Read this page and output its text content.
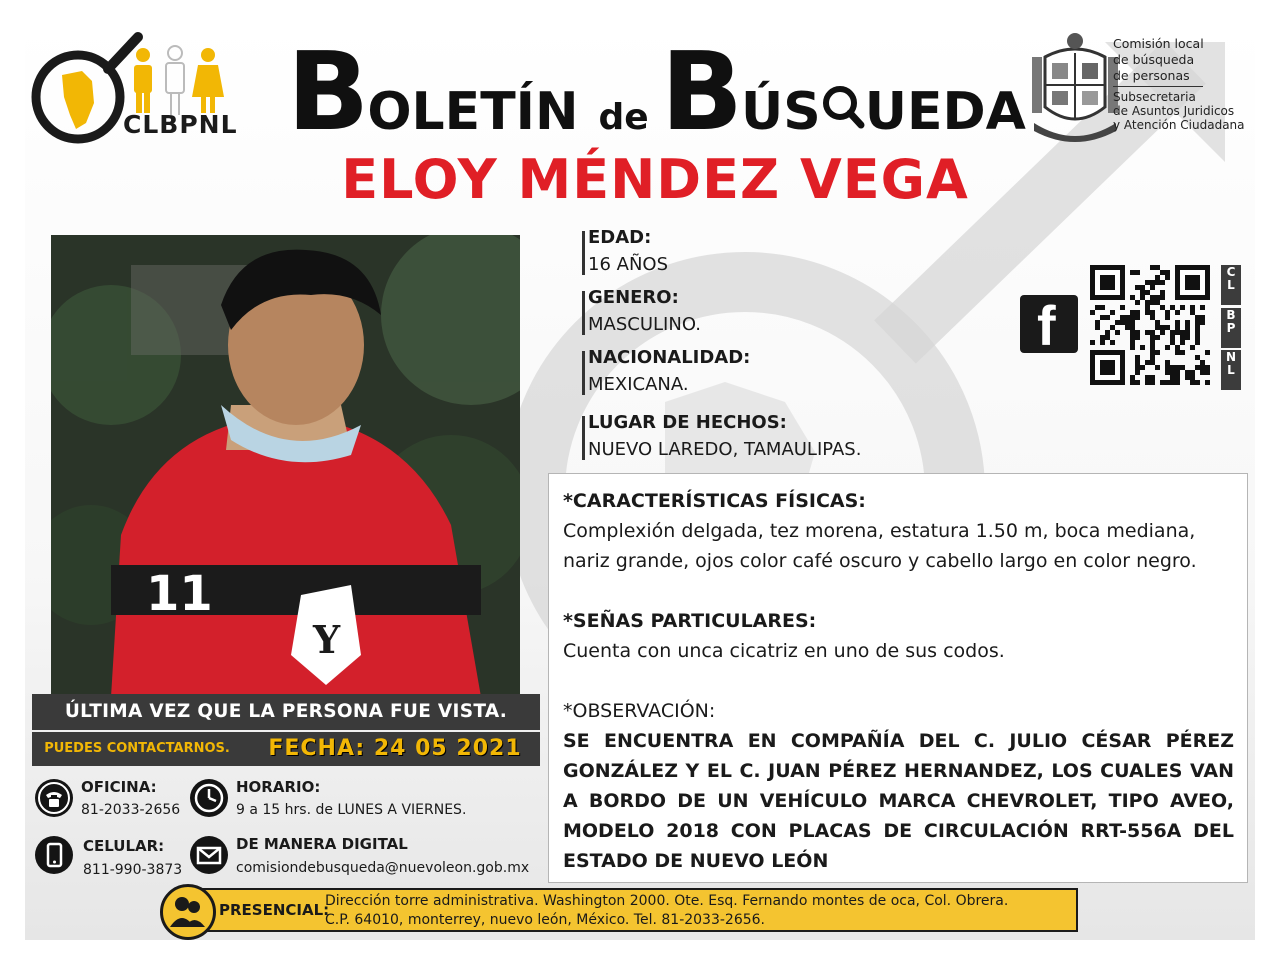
CLBPNL BOLETÍN de BÚS UEDA
ELOY MÉNDEZ VEGA
Comisión local
de búsqueda
de personas
Subsecretaria
de Asuntos Juridicos
y Atención Ciudadana
Y
11
ÚLTIMA VEZ QUE LA PERSONA FUE VISTA.
PUEDES CONTACTARNOS.	FECHA: 24 05 2021
OFICINA:
81-2033-2656
HORARIO:
9 a 15 hrs. de LUNES A VIERNES.
CELULAR:
811-990-3873
DE MANERA DIGITAL
comisiondebusqueda@nuevoleon.gob.mx
EDAD:
16 AÑOS
GENERO:
MASCULINO.
NACIONALIDAD:
MEXICANA.
LUGAR DE HECHOS:
NUEVO LAREDO, TAMAULIPAS.
f
C
L
B
P
N
L
*CARACTERÍSTICAS FÍSICAS:
Complexión delgada, tez morena, estatura 1.50 m, boca mediana, nariz grande, ojos color café oscuro y cabello largo en color negro.
*SEÑAS PARTICULARES:
Cuenta con unca cicatriz en uno de sus codos.
*OBSERVACIÓN:
SE ENCUENTRA EN COMPAÑÍA DEL C. JULIO CÉSAR PÉREZ GONZÁLEZ Y EL C. JUAN PÉREZ HERNANDEZ, LOS CUALES VAN A BORDO DE UN VEHÍCULO MARCA CHEVROLET, TIPO AVEO, MODELO 2018 CON PLACAS DE CIRCULACIÓN RRT-556A DEL ESTADO DE NUEVO LEÓN
PRESENCIAL:
Dirección torre administrativa. Washington 2000. Ote. Esq. Fernando montes de oca, Col. Obrera.
C.P. 64010, monterrey, nuevo león, México. Tel. 81-2033-2656.
